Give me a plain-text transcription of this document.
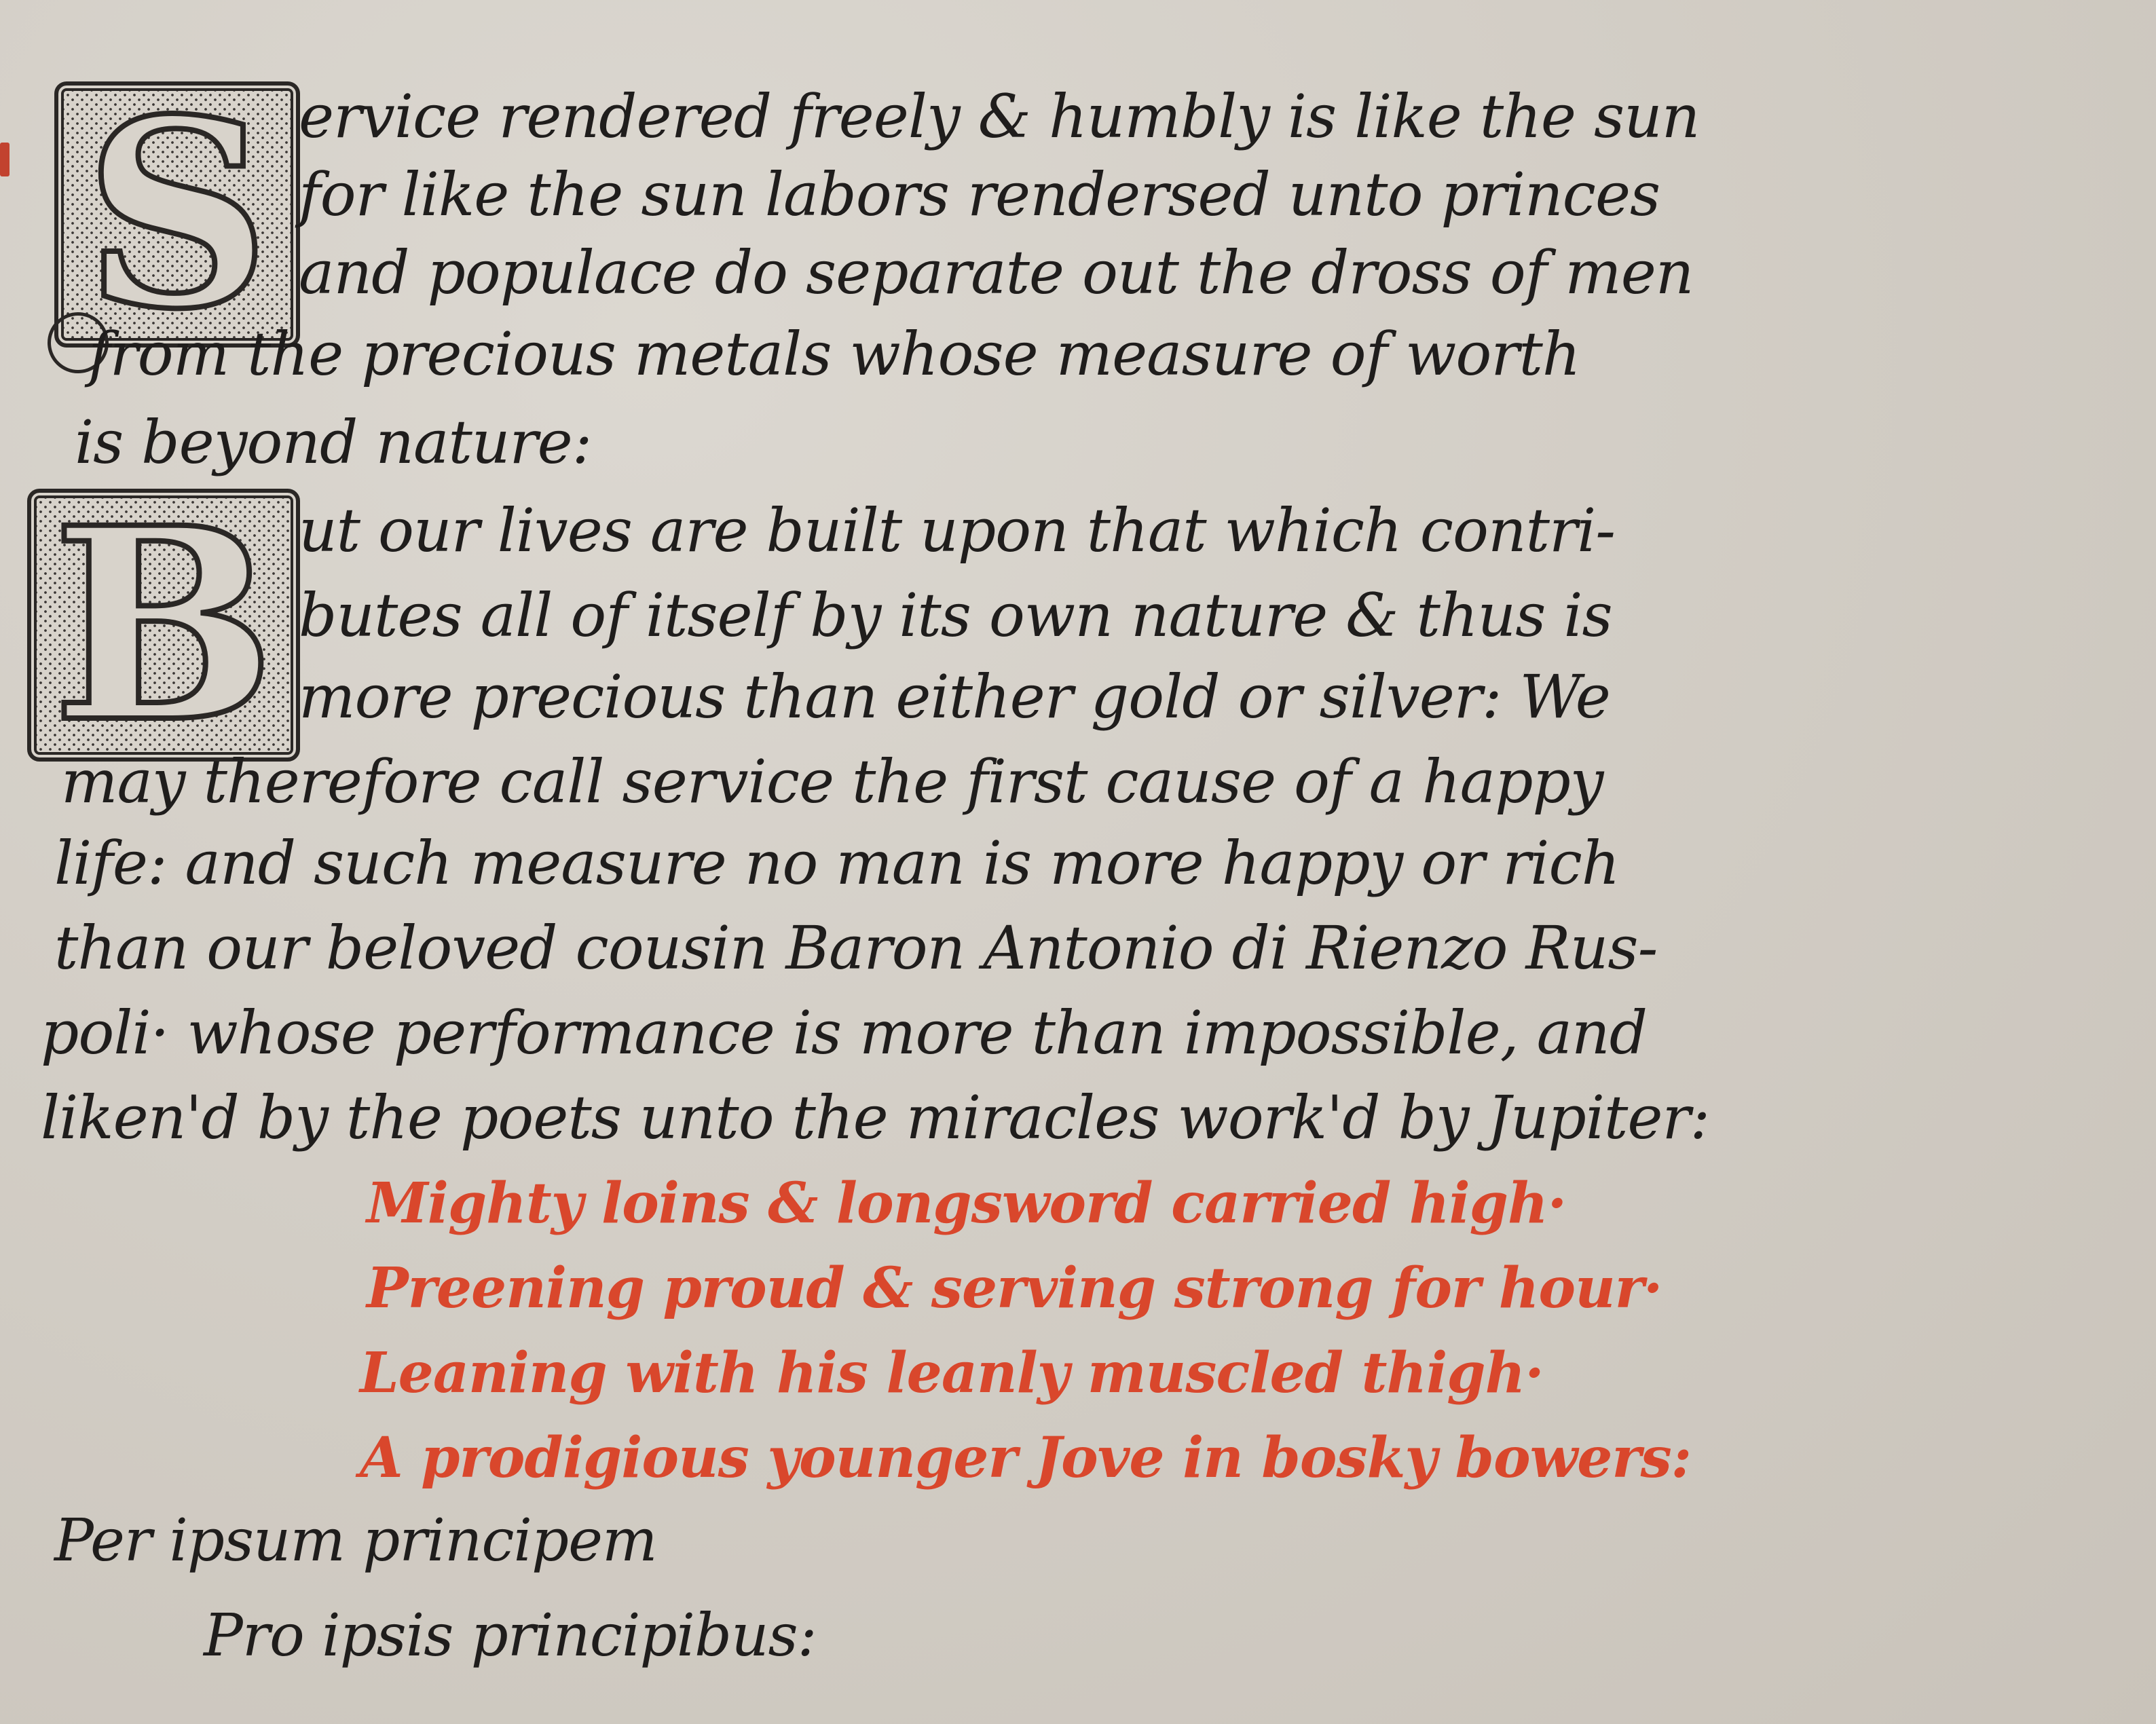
S
B
ervice rendered freely & humbly is like the sun
for like the sun labors rendersed unto princes
and populace do separate out the dross of men
from the precious metals whose measure of worth
is beyond nature:
ut our lives are built upon that which contri-
butes all of itself by its own nature & thus is
more precious than either gold or silver: We
may therefore call service the first cause of a happy
life: and such measure no man is more happy or rich
than our beloved cousin Baron Antonio di Rienzo Rus-
poli· whose performance is more than impossible, and
liken'd by the poets unto the miracles work'd by Jupiter:
Mighty loins & longsword carried high·
Preening proud & serving strong for hour·
Leaning with his leanly muscled thigh·
A prodigious younger Jove in bosky bowers:
Per ipsum principem
Pro ipsis principibus:
